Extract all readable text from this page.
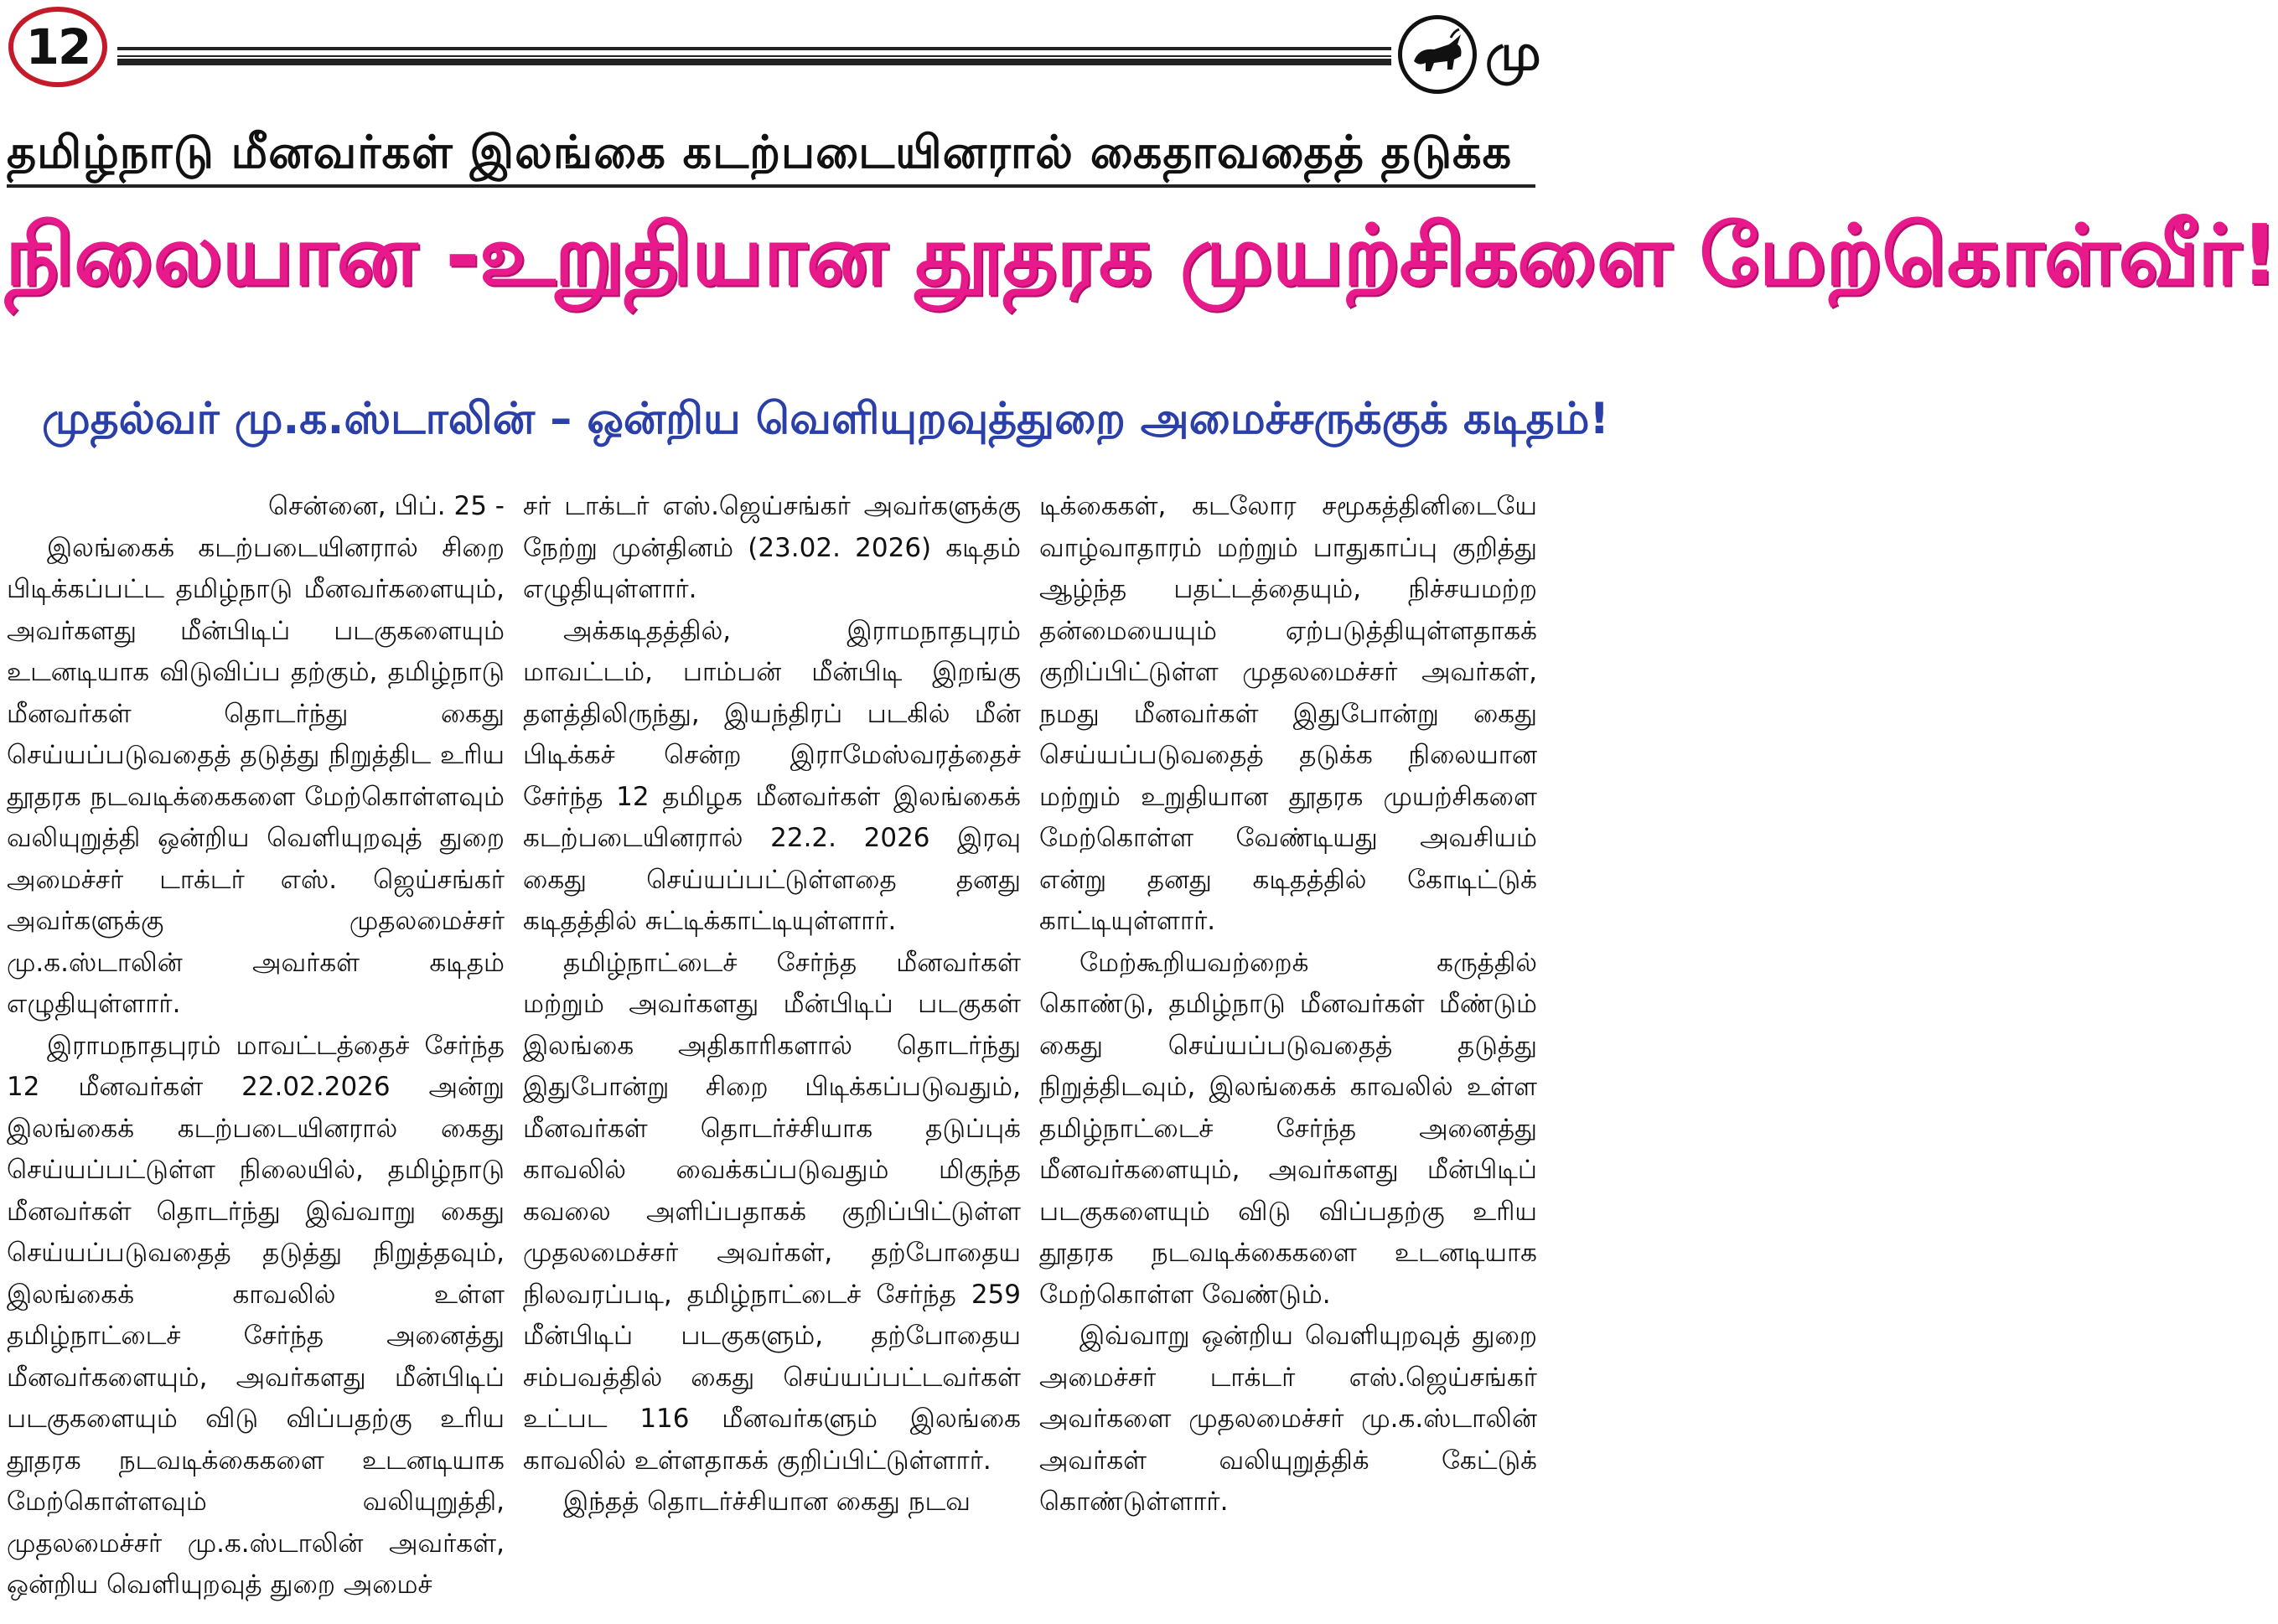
12	மு
தமிழ்நாடு மீனவர்கள் இலங்கை கடற்படையினரால் கைதாவதைத் தடுக்க
நிலையான -உறுதியான தூதரக முயற்சிகளை மேற்கொள்வீர்!
முதல்வர் மு.க.ஸ்டாலின் – ஒன்றிய வெளியுறவுத்துறை அமைச்சருக்குக் கடிதம்!
சென்னை, பிப். 25 -

இலங்கைக் கடற்படையினரால் சிறை பிடிக்கப்பட்ட தமிழ்நாடு மீனவர்களையும், அவர்களது மீன்பிடிப் படகுகளையும் உடனடியாக விடுவிப்ப தற்கும், தமிழ்நாடு மீனவர்கள் தொடர்ந்து கைது செய்யப்படுவதைத் தடுத்து நிறுத்திட உரிய தூதரக நடவடிக்கைகளை மேற்கொள்ளவும் வலியுறுத்தி ஒன்றிய வெளியுறவுத் துறை அமைச்சர் டாக்டர் எஸ். ஜெய்சங்கர் அவர்களுக்கு முதலமைச்சர் மு.க.ஸ்டாலின் அவர்கள் கடிதம் எழுதியுள்ளார்.

இராமநாதபுரம் மாவட்டத்தைச் சேர்ந்த 12 மீனவர்கள் 22.02.2026 அன்று இலங்கைக் கடற்படையினரால் கைது செய்யப்பட்டுள்ள நிலையில், தமிழ்நாடு மீனவர்கள் தொடர்ந்து இவ்வாறு கைது செய்யப்படுவதைத் தடுத்து நிறுத்தவும், இலங்கைக் காவலில் உள்ள தமிழ்நாட்டைச் சேர்ந்த அனைத்து மீனவர்களையும், அவர்களது மீன்பிடிப் படகுகளையும் விடு விப்பதற்கு உரிய தூதரக நடவடிக்கைகளை உடனடியாக மேற்கொள்ளவும் வலியுறுத்தி, முதலமைச்சர் மு.க.ஸ்டாலின் அவர்கள், ஒன்றிய வெளியுறவுத் துறை அமைச்

சர் டாக்டர் எஸ்.ஜெய்சங்கர் அவர்களுக்கு நேற்று முன்தினம் (23.02. 2026) கடிதம் எழுதியுள்ளார்.

அக்கடிதத்தில், இராமநாதபுரம் மாவட்டம், பாம்பன் மீன்பிடி இறங்கு தளத்திலிருந்து, இயந்திரப் படகில் மீன் பிடிக்கச் சென்ற இராமேஸ்வரத்தைச் சேர்ந்த 12 தமிழக மீனவர்கள் இலங்கைக் கடற்படையினரால் 22.2. 2026 இரவு கைது செய்யப்பட்டுள்ளதை தனது கடிதத்தில் சுட்டிக்காட்டியுள்ளார்.

தமிழ்நாட்டைச் சேர்ந்த மீனவர்கள் மற்றும் அவர்களது மீன்பிடிப் படகுகள் இலங்கை அதிகாரிகளால் தொடர்ந்து இதுபோன்று சிறை பிடிக்கப்படுவதும், மீனவர்கள் தொடர்ச்சியாக தடுப்புக் காவலில் வைக்கப்படுவதும் மிகுந்த கவலை அளிப்பதாகக் குறிப்பிட்டுள்ள முதலமைச்சர் அவர்கள், தற்போதைய நிலவரப்படி, தமிழ்நாட்டைச் சேர்ந்த 259 மீன்பிடிப் படகுகளும், தற்போதைய சம்பவத்தில் கைது செய்யப்பட்டவர்கள் உட்பட 116 மீனவர்களும் இலங்கை காவலில் உள்ளதாகக் குறிப்பிட்டுள்ளார்.

இந்தத் தொடர்ச்சியான கைது நடவ

டிக்கைகள், கடலோர சமூகத்தினிடையே வாழ்வாதாரம் மற்றும் பாதுகாப்பு குறித்து ஆழ்ந்த பதட்டத்தையும், நிச்சயமற்ற தன்மையையும் ஏற்படுத்தியுள்ளதாகக் குறிப்பிட்டுள்ள முதலமைச்சர் அவர்கள், நமது மீனவர்கள் இதுபோன்று கைது செய்யப்படுவதைத் தடுக்க நிலையான மற்றும் உறுதியான தூதரக முயற்சிகளை மேற்கொள்ள வேண்டியது அவசியம் என்று தனது கடிதத்தில் கோடிட்டுக் காட்டியுள்ளார்.

மேற்கூறியவற்றைக் கருத்தில் கொண்டு, தமிழ்நாடு மீனவர்கள் மீண்டும் கைது செய்யப்படுவதைத் தடுத்து நிறுத்திடவும், இலங்கைக் காவலில் உள்ள தமிழ்நாட்டைச் சேர்ந்த அனைத்து மீனவர்களையும், அவர்களது மீன்பிடிப் படகுகளையும் விடு விப்பதற்கு உரிய தூதரக நடவடிக்கைகளை உடனடியாக மேற்கொள்ள வேண்டும்.

இவ்வாறு ஒன்றிய வெளியுறவுத் துறை அமைச்சர் டாக்டர் எஸ்.ஜெய்சங்கர் அவர்களை முதலமைச்சர் மு.க.ஸ்டாலின் அவர்கள் வலியுறுத்திக் கேட்டுக் கொண்டுள்ளார்.
